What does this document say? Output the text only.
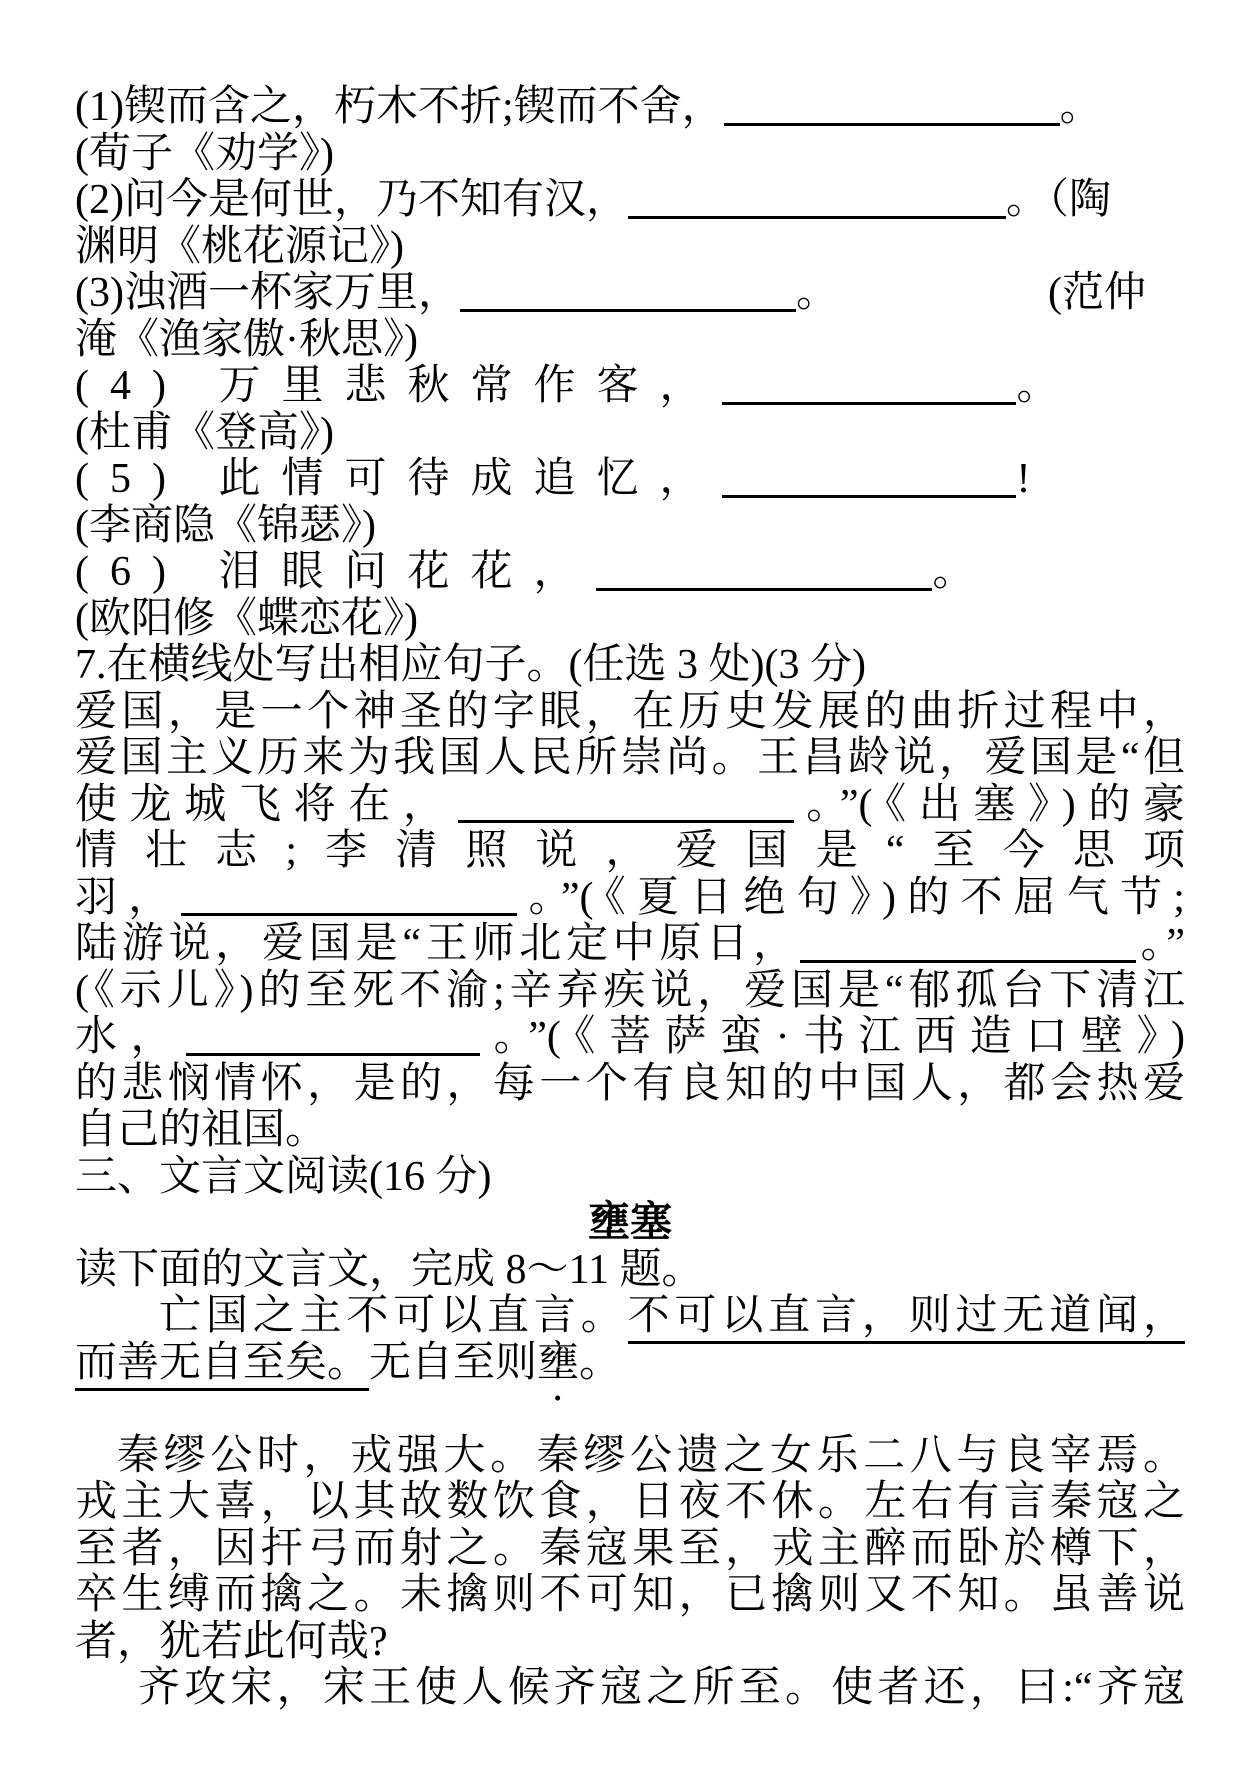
(1)锲而含之，朽木不折;锲而不舍，	。
(荀子《劝学》)
(2)问今是何世，乃不知有汉，	。（陶
渊明《桃花源记》)
(3)浊酒一杯家万里，	。　　　　　	(范仲
淹《渔家傲·秋思》)
(4) 万里悲秋常作客，	。
(杜甫《登高》)
(5) 此情可待成追忆，	!
(李商隐《锦瑟》)
(6) 泪眼问花花，	。
(欧阳修《蝶恋花》)
7.在横线处写出相应句子。(任选 3 处)(3 分)
爱国，是一个神圣的字眼，在历史发展的曲折过程中，
爱国主义历来为我国人民所崇尚。王昌龄说，爱国是“但
使龙城飞将在，	。”(《出塞》)的豪
情壮志;李清照说，爱国是“至今思项
羽，	。”(《夏日绝句》)的不屈气节;
陆游说，爱国是“王师北定中原日，	。”
(《示儿》)的至死不渝;辛弃疾说，爱国是“郁孤台下清江
水，	。”(《菩萨蛮·书江西造口壁》)
的悲悯情怀，是的，每一个有良知的中国人，都会热爱
自己的祖国。
三、文言文阅读(16 分)
壅塞
读下面的文言文，完成 8～11 题。
亡国之主不可以直言。不可以直言，则过无道闻，
而善无自至矣。无自至则壅。
秦缪公时，戎强大。秦缪公遗之女乐二八与良宰焉。
戎主大喜，以其故数饮食，日夜不休。左右有言秦寇之
至者，因扞弓而射之。秦寇果至，戎主醉而卧於樽下，
卒生缚而擒之。未擒则不可知，已擒则又不知。虽善说
者，犹若此何哉?
齐攻宋，宋王使人候齐寇之所至。使者还，曰:“齐寇
